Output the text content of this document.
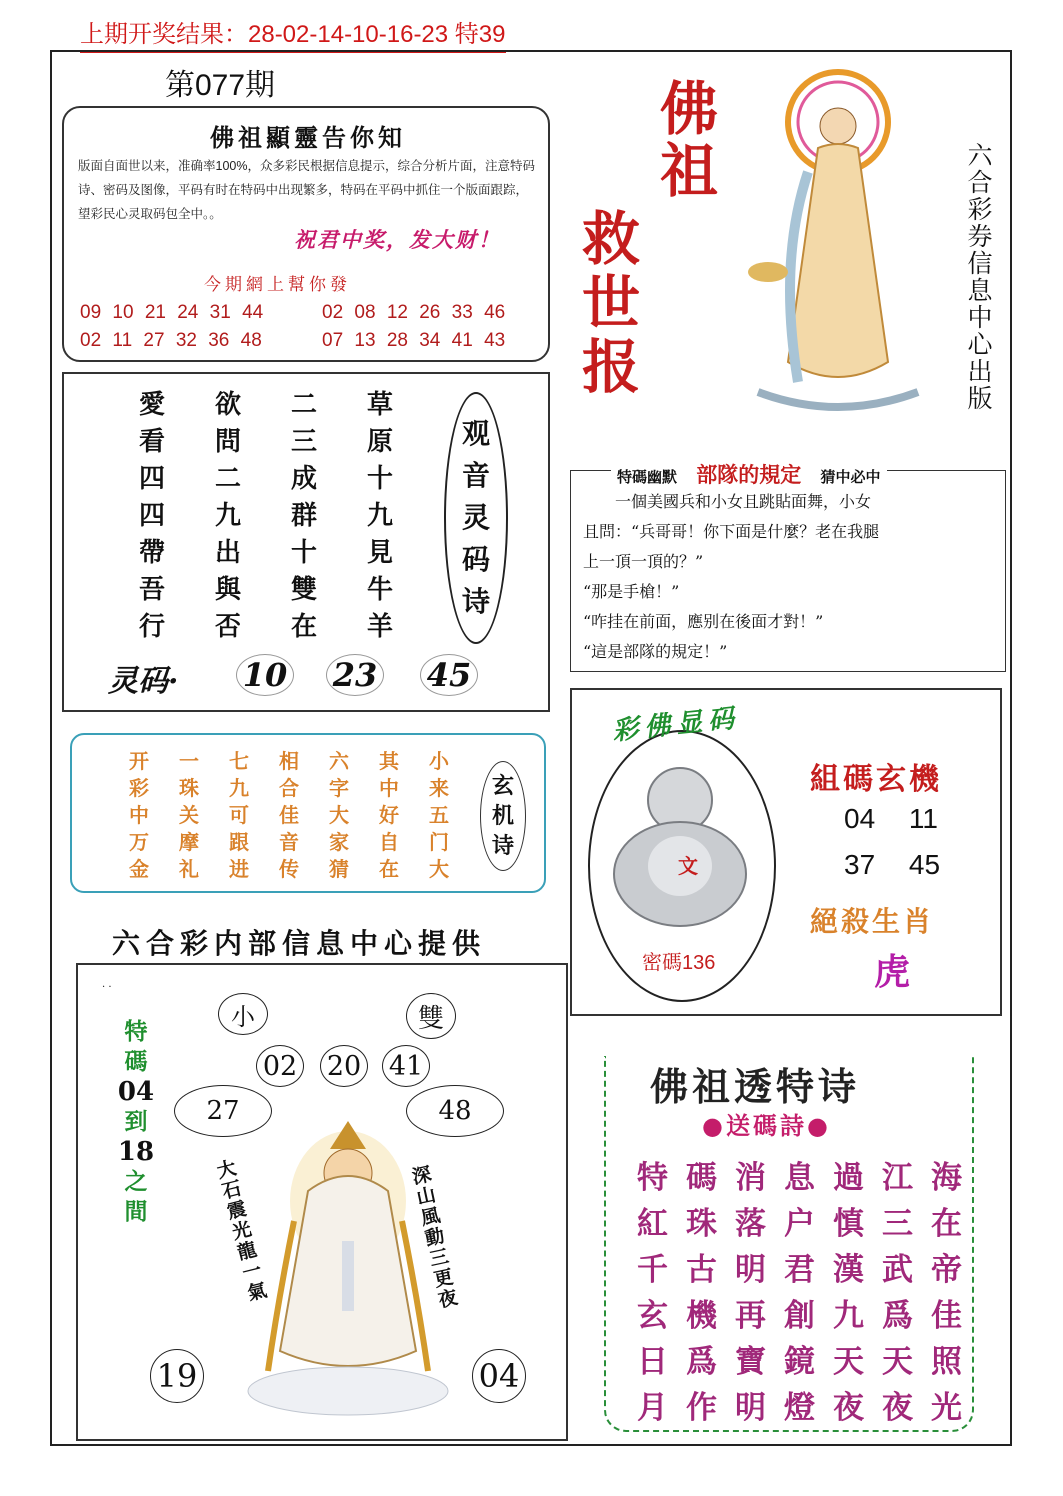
上期开奖结果：28-02-14-10-16-23 特39
第077期
佛祖顯靈告你知
版面自面世以来，准确率100%，众多彩民根据信息提示，综合分析片面，注意特码诗、密码及图像，平码有时在特码中出现繁多，特码在平码中抓住一个版面跟踪，望彩民心灵取码包全中。。
祝君中奖，发大财！
今期網上幫你發
09 10 21 24 31 44	02 08 12 26 33 46
02 11 27 32 36 48	07 13 28 34 41 43
愛	欲	二	草
看	問	三	原
四	二	成	十
四	九	群	九
帶	出	十	見
吾	與	雙	牛
行	否	在	羊
观
音
灵
码
诗
灵码· 10 23 45
开	一	七	相	六	其	小
彩	珠	九	合	字	中	来
中	关	可	佳	大	好	五
万	摩	跟	音	家	自	门
金	礼	进	传	猜	在	大
玄
机
诗
六合彩内部信息中心提供
. .
小	雙
02 20 41
27	48
特
碼
04
到
18
之
間	大石震光龍一氣	深山風動三更夜
19	04
佛
祖
救
世
报	六合彩券信息中心出版
特碼幽默 部隊的規定 猜中必中
一個美國兵和小女且跳貼面舞，小女
且問：“兵哥哥！你下面是什麼？老在我腿
上一頂一頂的？”
“那是手槍！”
“咋挂在前面，應别在後面才對！”
“這是部隊的規定！”
彩佛显码
文
密碼136
組碼玄機
04 11
37 45
絕殺生肖
虎
佛祖透特诗
●送碼詩●
特 碼 消 息 過 江 海
紅 珠 落 户 慎 三 在
千 古 明 君 漢 武 帝
玄 機 再 創 九 爲 佳
日 爲 寶 鏡 天 天 照
月 作 明 燈 夜 夜 光
